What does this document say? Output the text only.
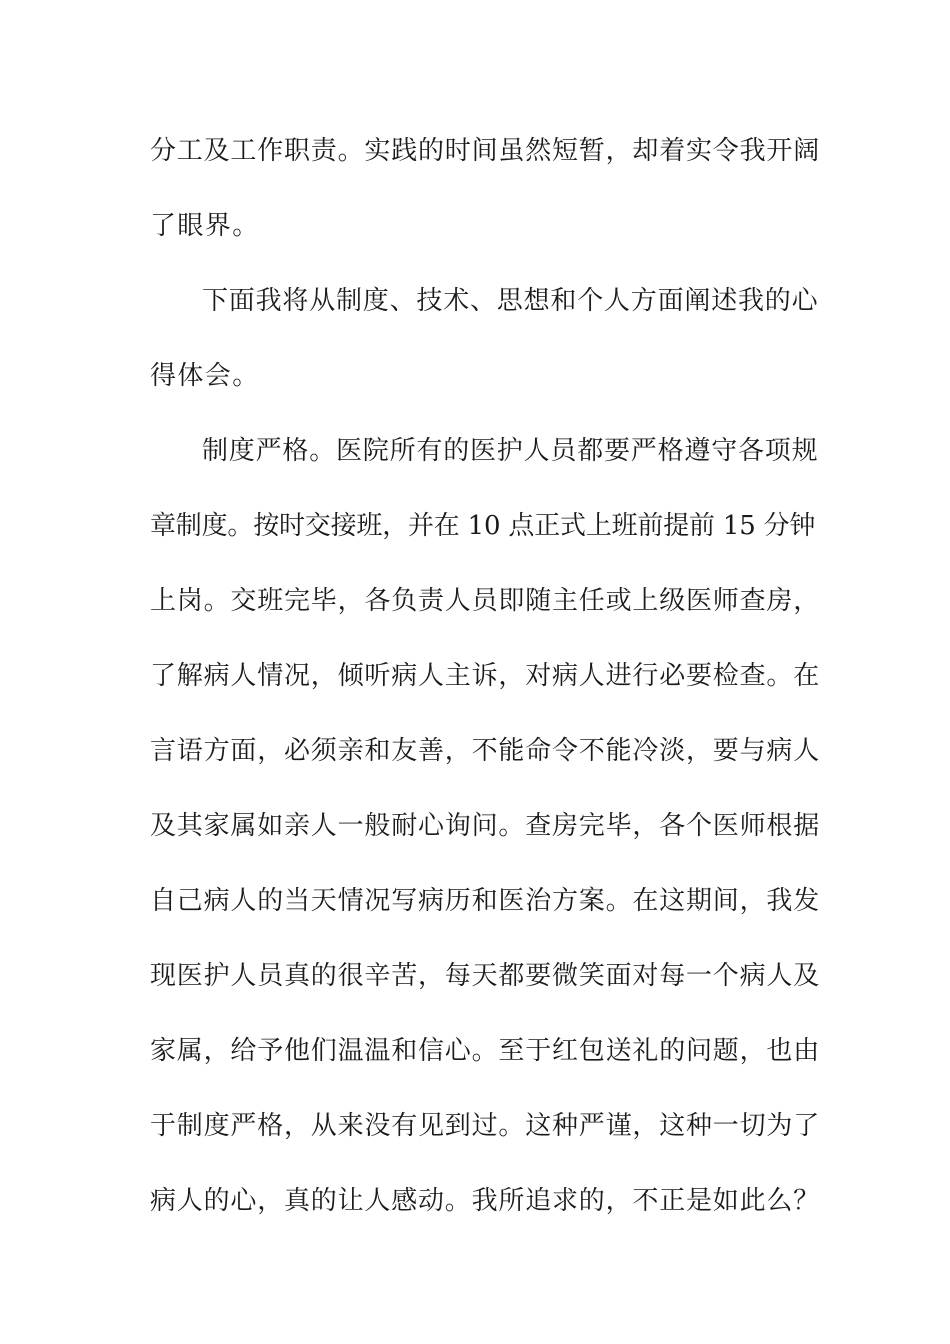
分工及工作职责。实践的时间虽然短暂，却着实令我开阔
了眼界。
下面我将从制度、技术、思想和个人方面阐述我的心
得体会。
制度严格。医院所有的医护人员都要严格遵守各项规
章制度。按时交接班，并在 10 点正式上班前提前 15 分钟
上岗。交班完毕，各负责人员即随主任或上级医师查房，
了解病人情况，倾听病人主诉，对病人进行必要检查。在
言语方面，必须亲和友善，不能命令不能冷淡，要与病人
及其家属如亲人一般耐心询问。查房完毕，各个医师根据
自己病人的当天情况写病历和医治方案。在这期间，我发
现医护人员真的很辛苦，每天都要微笑面对每一个病人及
家属，给予他们温温和信心。至于红包送礼的问题，也由
于制度严格，从来没有见到过。这种严谨，这种一切为了
病人的心，真的让人感动。我所追求的，不正是如此么？
